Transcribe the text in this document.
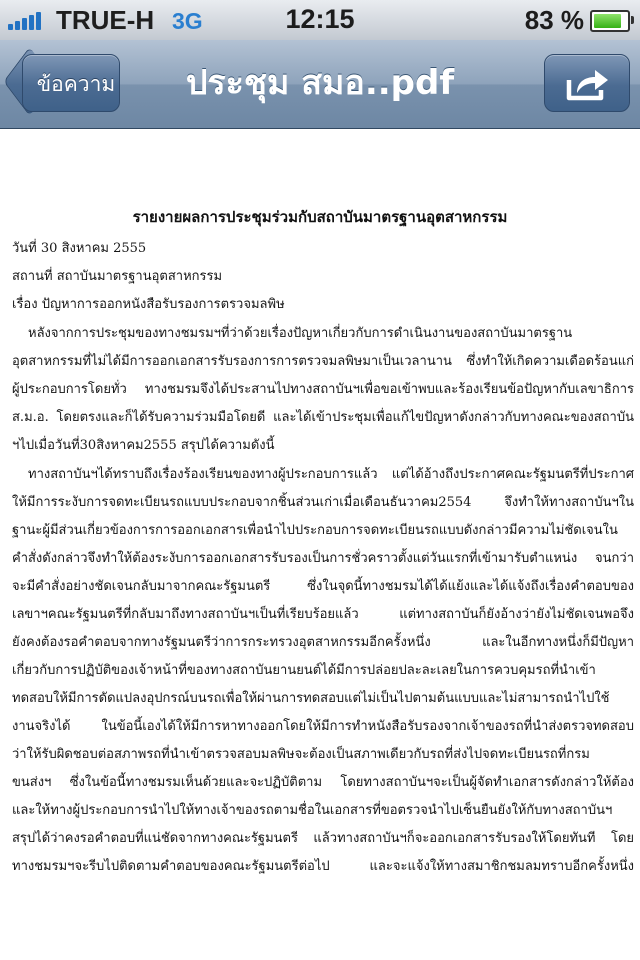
TRUE-H 3G	12:15	83 %
ข้อความ	ประชุม สมอ..pdf
รายงายผลการประชุมร่วมกับสถาบันมาตรฐานอุตสาหกรรม
วันที่ 30 สิงหาคม 2555
สถานที่ สถาบันมาตรฐานอุตสาหกรรม
เรื่อง ปัญหาการออกหนังสือรับรองการตรวจมลพิษ
หลังจากการประชุมของทางชมรมฯที่ว่าด้วยเรื่องปัญหาเกี่ยวกับการดำเนินงานของสถาบันมาตรฐาน
อุตสาหกรรมที่ไม่ได้มีการออกเอกสารรับรองการการตรวจมลพิษมาเป็นเวลานาน ซึ่งทำให้เกิดความเดือดร้อนแก่
ผู้ประกอบการโดยทั่ว ทางชมรมจึงได้ประสานไปทางสถาบันฯเพื่อขอเข้าพบและร้องเรียนข้อปัญหากับเลขาธิการ
ส.ม.อ. โดยตรงและก็ได้รับความร่วมมือโดยดี และได้เข้าประชุมเพื่อแก้ไขปัญหาดังกล่าวกับทางคณะของสถาบัน
ฯไปเมื่อวันที่30สิงหาคม2555 สรุปได้ความดังนี้
ทางสถาบันฯได้ทราบถึงเรื่องร้องเรียนของทางผู้ประกอบการแล้ว แต่ได้อ้างถึงประกาศคณะรัฐมนตรีที่ประกาศ
ให้มีการระงับการจดทะเบียนรถแบบประกอบจากชิ้นส่วนเก่าเมื่อเดือนธันวาคม2554 จึงทำให้ทางสถาบันฯใน
ฐานะผู้มีส่วนเกี่ยวข้องการการออกเอกสารเพื่อนำไปประกอบการจดทะเบียนรถแบบดังกล่าวมีความไม่ชัดเจนใน
คำสั่งดังกล่าวจึงทำให้ต้องระงับการออกเอกสารรับรองเป็นการชั่วคราวตั้งแต่วันแรกที่เข้ามารับตำแหน่ง จนกว่า
จะมีคำสั่งอย่างชัดเจนกลับมาจากคณะรัฐมนตรี ซึ่งในจุดนี้ทางชมรมได้ได้แย้งและได้แจ้งถึงเรื่องคำตอบของ
เลขาฯคณะรัฐมนตรีที่กลับมาถึงทางสถาบันฯเป็นที่เรียบร้อยแล้ว แต่ทางสถาบันก็ยังอ้างว่ายังไม่ชัดเจนพอจึง
ยังคงต้องรอคำตอบจากทางรัฐมนตรีว่าการกระทรวงอุตสาหกรรมอีกครั้งหนึ่ง และในอีกทางหนึ่งก็มีปัญหา
เกี่ยวกับการปฏิบัติของเจ้าหน้าที่ของทางสถาบันยานยนต์ได้มีการปล่อยปละละเลยในการควบคุมรถที่นำเข้า
ทดสอบให้มีการดัดแปลงอุปกรณ์บนรถเพื่อให้ผ่านการทดสอบแต่ไม่เป็นไปตามต้นแบบและไม่สามารถนำไปใช้
งานจริงได้ ในข้อนี้เองได้ให้มีการหาทางออกโดยให้มีการทำหนังสือรับรองจากเจ้าของรถที่นำส่งตรวจทดสอบ
ว่าให้รับผิดชอบต่อสภาพรถที่นำเข้าตรวจสอบมลพิษจะต้องเป็นสภาพเดียวกับรถที่ส่งไปจดทะเบียนรถที่กรม
ขนส่งฯ ซึ่งในข้อนี้ทางชมรมเห็นด้วยและจะปฏิบัติตาม โดยทางสถาบันฯจะเป็นผู้จัดทำเอกสารดังกล่าวให้ต้อง
และให้ทางผู้ประกอบการนำไปให้ทางเจ้าของรถตามชื่อในเอกสารที่ขอตรวจนำไปเซ็นยืนยังให้กับทางสถาบันฯ
สรุปได้ว่าคงรอคำตอบที่แน่ชัดจากทางคณะรัฐมนตรี แล้วทางสถาบันฯก็จะออกเอกสารรับรองให้โดยทันที โดย
ทางชมรมฯจะรีบไปติดตามคำตอบของคณะรัฐมนตรีต่อไป และจะแจ้งให้ทางสมาชิกชมลมทราบอีกครั้งหนึ่ง
